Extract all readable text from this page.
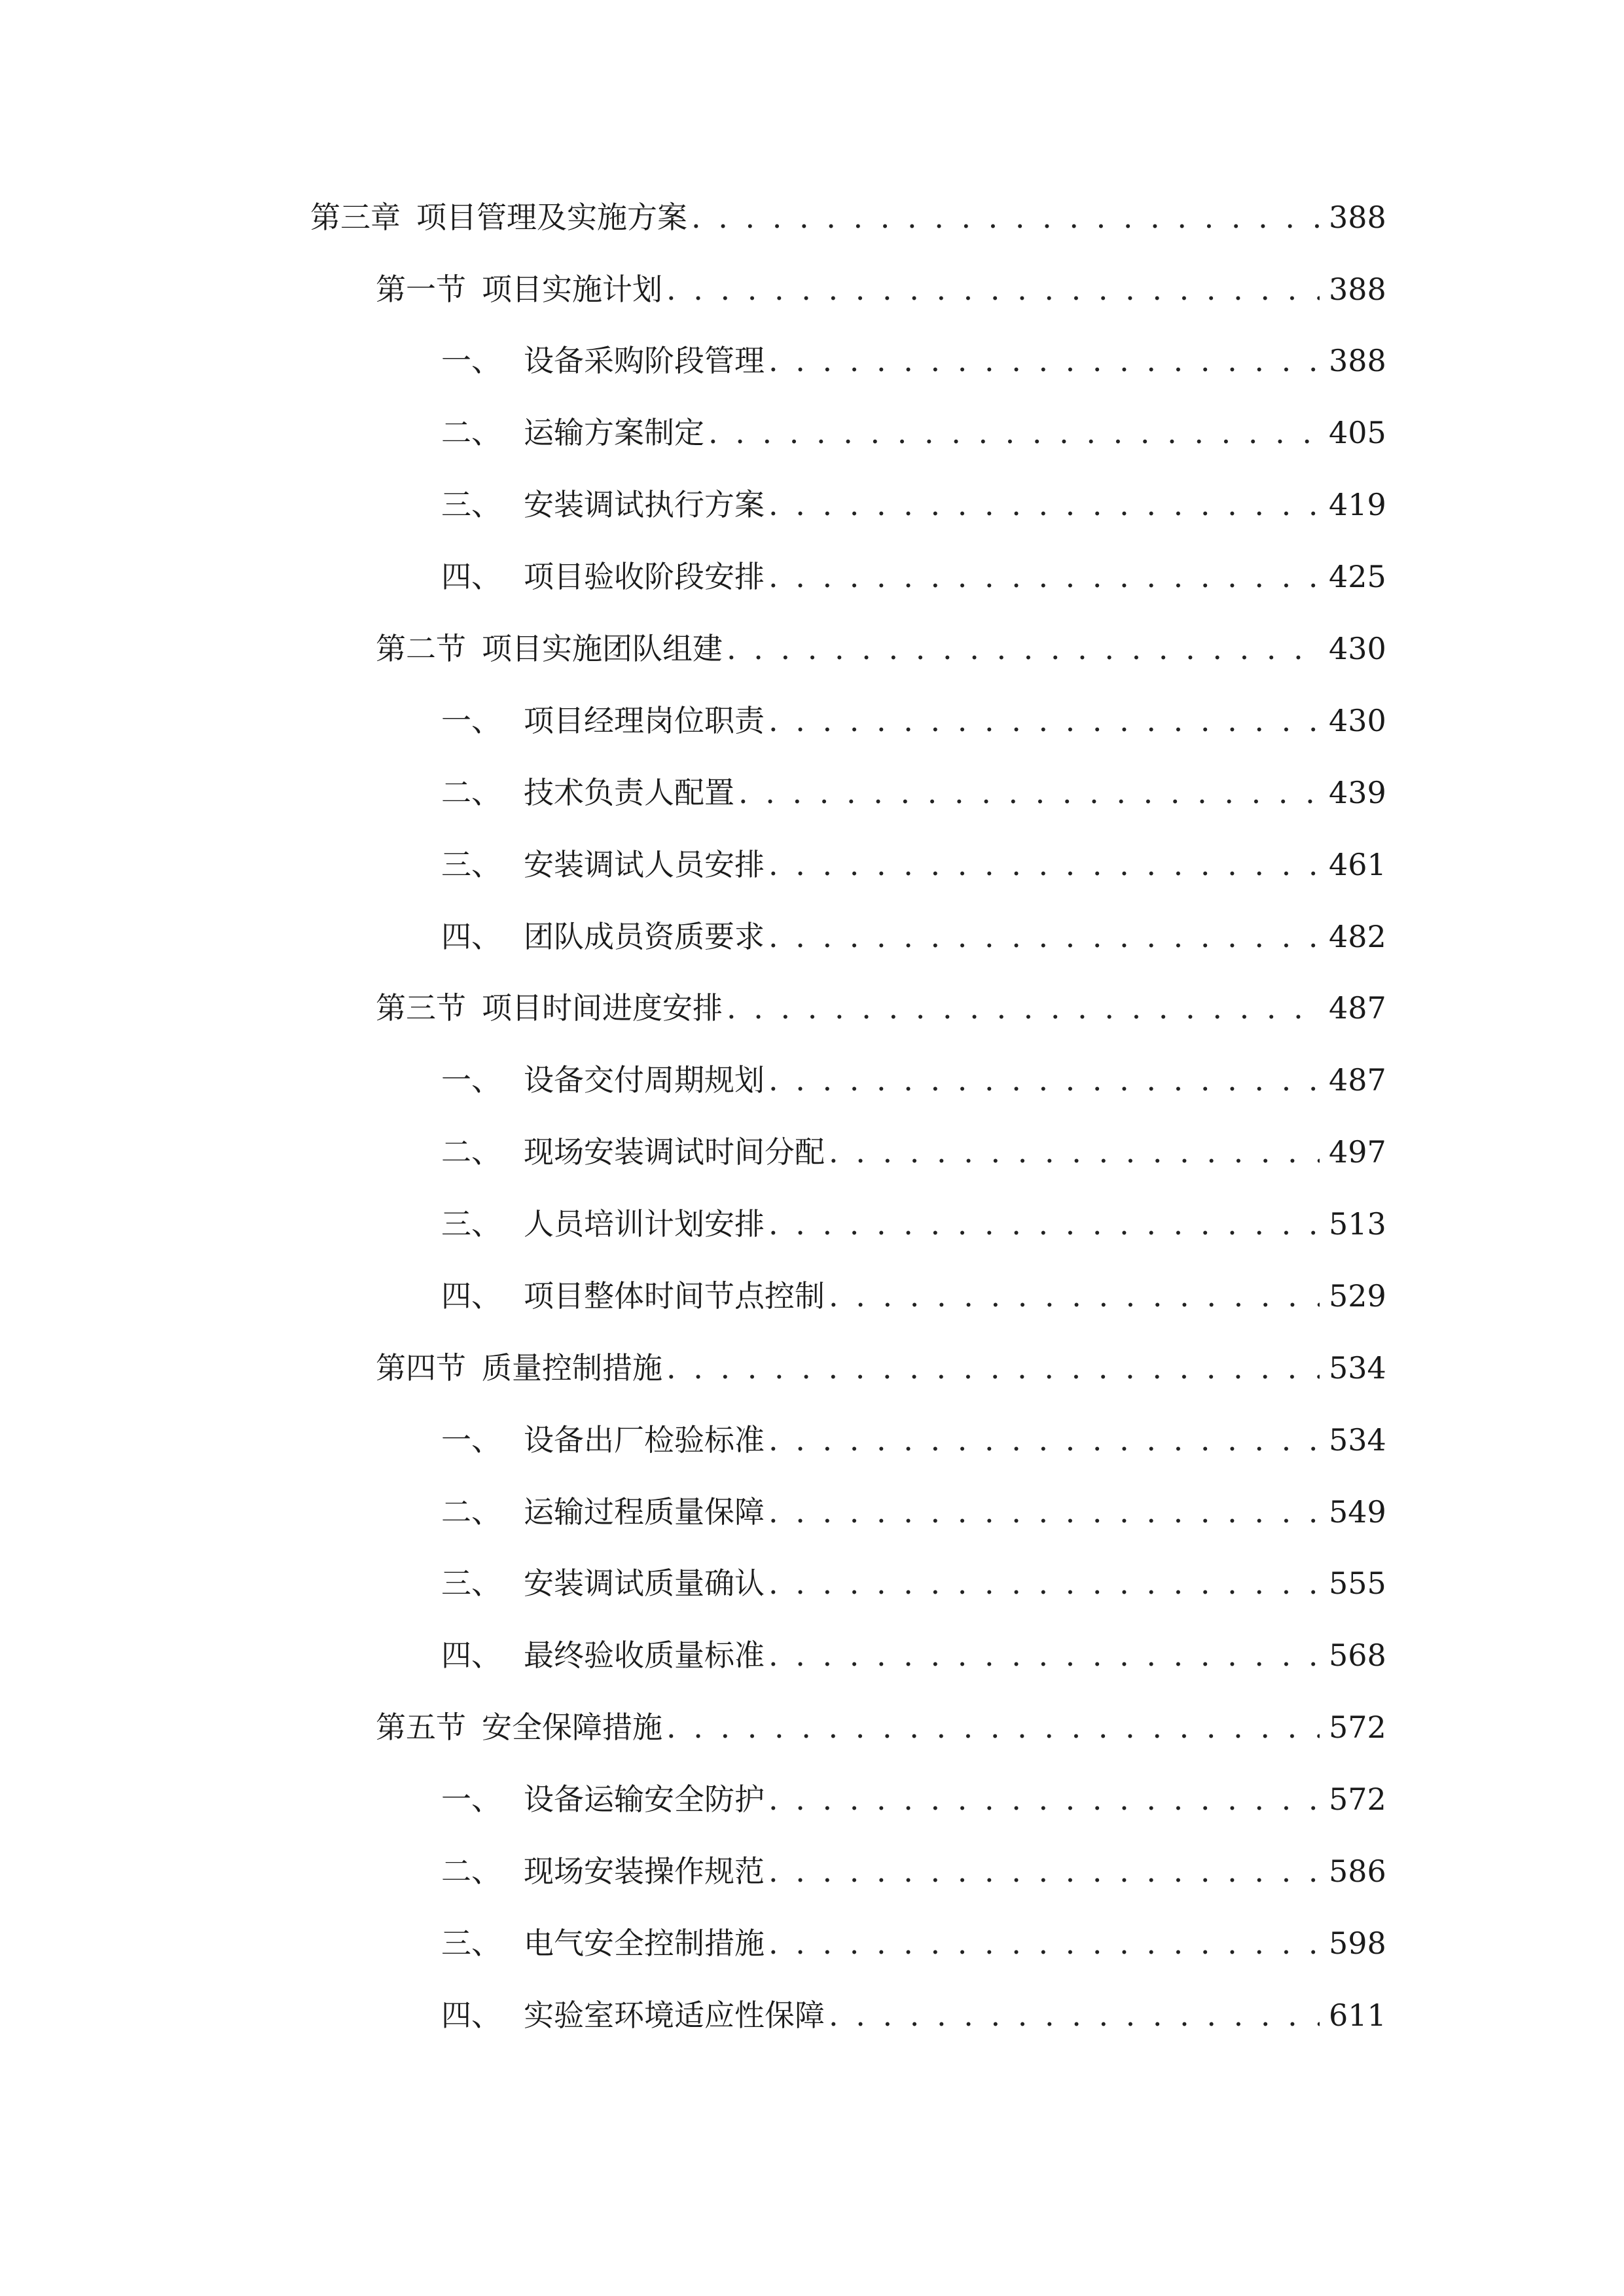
第三章 项目管理及实施方案 . . .	388
第一节 项目实施计划 . . .	388
一、 设备采购阶段管理 . . .	388
二、 运输方案制定 . . .	405
三、 安装调试执行方案 . . .	419
四、 项目验收阶段安排 . . .	425
第二节 项目实施团队组建 . . .	430
一、 项目经理岗位职责 . . .	430
二、 技术负责人配置 . . .	439
三、 安装调试人员安排 . . .	461
四、 团队成员资质要求 . . .	482
第三节 项目时间进度安排 . . .	487
一、 设备交付周期规划 . . .	487
二、 现场安装调试时间分配 . . .	497
三、 人员培训计划安排 . . .	513
四、 项目整体时间节点控制 . . .	529
第四节 质量控制措施 . . .	534
一、 设备出厂检验标准 . . .	534
二、 运输过程质量保障 . . .	549
三、 安装调试质量确认 . . .	555
四、 最终验收质量标准 . . .	568
第五节 安全保障措施 . . .	572
一、 设备运输安全防护 . . .	572
二、 现场安装操作规范 . . .	586
三、 电气安全控制措施 . . .	598
四、 实验室环境适应性保障 . . .	611
